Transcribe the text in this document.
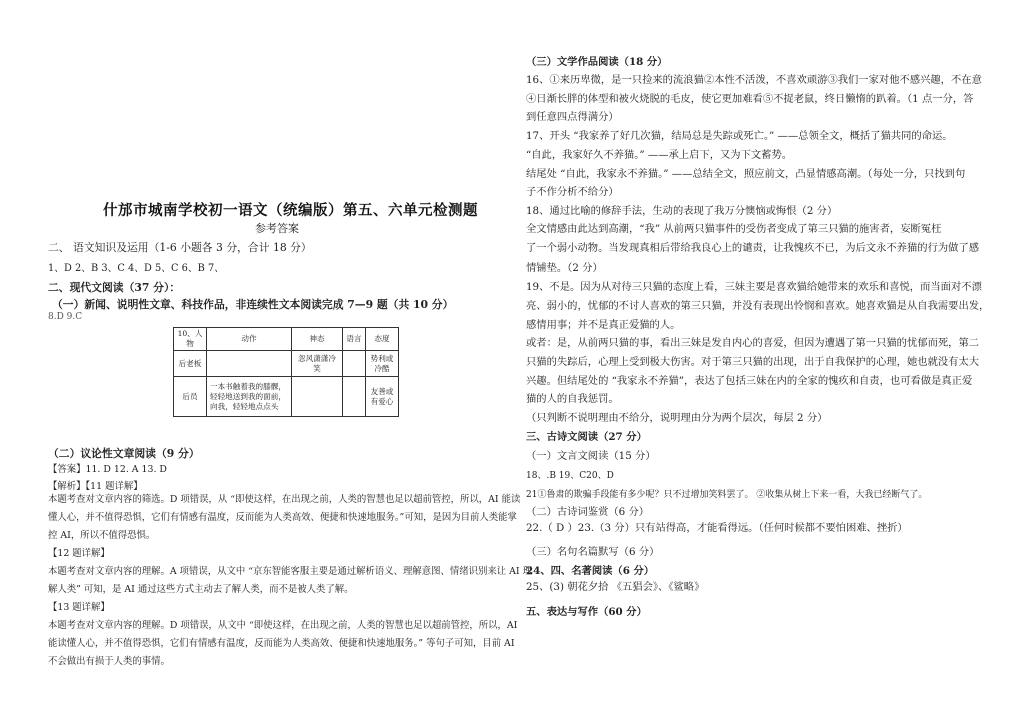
什邡市城南学校初一语文（统编版）第五、六单元检测题
参考答案
二、 语文知识及运用（1-6 小题各 3 分，合计 18 分）
1、D 2、B 3、C 4、D 5、C 6、B 7、
二、现代文阅读（37 分）：
（一）新闻、说明性文章、科技作品，非连续性文本阅读完成 7—9 题（共 10 分）
8.D 9.C
10、人物	动作	神态	语言	态度
后老板		忽风潇潇冷笑		势利或冷酷
后员	一本书触着我的膝髁，轻轻地送到我的面前，向我，轻轻地点点头			友善或有爱心
（二）议论性文章阅读（9 分）
【答案】11. D 12. A 13. D
【解析】【11 题详解】
本题考查对文章内容的筛选。D 项错误，从 “即使这样，在出现之前，人类的智慧也足以超前管控，所以，AI 能读
懂人心，并不值得恐惧，它们有情感有温度，反而能为人类高效、便捷和快速地服务。”可知，是因为目前人类能掌
控 AI，所以不值得恐惧。
【12 题详解】
本题考查对文章内容的理解。A 项错误，从文中 “京东智能客服主要是通过解析语义、理解意图、情绪识别来让 AI 理
解人类” 可知，是 AI 通过这些方式主动去了解人类，而不是被人类了解。
【13 题详解】
本题考查对文章内容的理解。D 项错误，从文中 “即使这样，在出现之前，人类的智慧也足以超前管控，所以，AI
能读懂人心，并不值得恐惧，它们有情感有温度，反而能为人类高效、便捷和快速地服务。” 等句子可知，目前 AI
不会做出有损于人类的事情。
（三）文学作品阅读（18 分）
16、①来历卑微，是一只捡来的流浪猫②本性不活泼，不喜欢顽游③我们一家对他不感兴趣，不在意
④日渐长胖的体型和被火烧脱的毛皮，使它更加难看⑤不捉老鼠，终日懒惰的趴着。（1 点一分，答
到任意四点得满分）
17、开头 “我家养了好几次猫，结局总是失踪或死亡。” ——总领全文，概括了猫共同的命运。
“自此，我家好久不养猫。” ——承上启下，又为下文蓄势。
结尾处 “自此，我家永不养猫。” ——总结全文，照应前文，凸显情感高潮。（每处一分，只找到句
子不作分析不给分）
18、通过比喻的修辞手法，生动的表现了我万分懊恼或悔恨（2 分）
全文情感由此达到高潮，“我” 从前两只猫事件的受伤者变成了第三只猫的施害者，妄断冤枉
了一个弱小动物。当发现真相后带给我良心上的谴责，让我愧疚不已，为后文永不养猫的行为做了感
情铺垫。（2 分）
19、不是。因为从对待三只猫的态度上看，三妹主要是喜欢猫给她带来的欢乐和喜悦，而当面对不漂
亮、弱小的，忧郁的不讨人喜欢的第三只猫，并没有表现出怜悯和喜欢。她喜欢猫是从自我需要出发，
感情用事；并不是真正爱猫的人。
或者：是，从前两只猫的事，看出三妹是发自内心的喜爱，但因为遭遇了第一只猫的忧郁而死，第二
只猫的失踪后，心理上受到极大伤害。对于第三只猫的出现，出于自我保护的心理，她也就没有太大
兴趣。但结尾处的 “我家永不养猫”，表达了包括三妹在内的全家的愧疚和自责，也可看做是真正爱
猫的人的自我惩罚。
（只判断不说明理由不给分，说明理由分为两个层次，每层 2 分）
三、古诗文阅读（27 分）
（一）文言文阅读（15 分）
18、.B 19、C20、D
21①鲁肃的欺骗手段能有多少呢？只不过增加笑料罢了。 ②收集从树上下来一看，大我已经断气了。
（二）古诗词鉴赏（6 分）
22.（ D ）23.（3 分）只有站得高，才能看得远。（任何时候都不要怕困难、挫折）
（三）名句名篇默写（6 分）
24、四、名著阅读（6 分）
25、(3) 朝花夕拾 《五猖会》、《鲨略》
五、表达与写作（60 分）
